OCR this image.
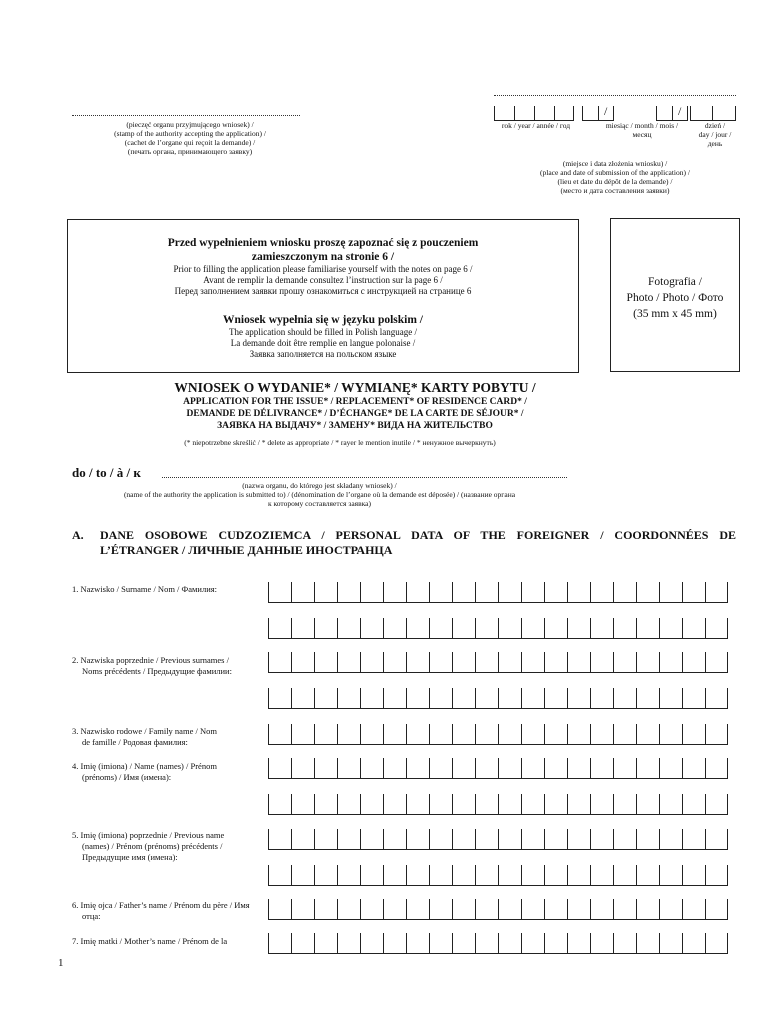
(pieczęć organu przyjmującego wniosek) /
(stamp of the authority accepting the application) /
(cachet de l’organe qui reçoit la demande) /
(печать органа, принимающего заявку)
/	/
rok / year / année / год	miesiąc / month / mois /
месяц
dzień /
day / jour /
день
(miejsce i data złożenia wniosku) /
(place and date of submission of the application) /
(lieu et date du dépôt de la demande) /
(место и дата составления заявки)
Przed wypełnieniem wniosku proszę zapoznać się z pouczeniem
zamieszczonym na stronie 6 /
Prior to filling the application please familiarise yourself with the notes on page 6 /
Avant de remplir la demande consultez l’instruction sur la page 6 /
Перед заполнением заявки прошу ознакомиться с инструкцией на странице 6
Wniosek wypełnia się w języku polskim /
The application should be filled in Polish language /
La demande doit être remplie en langue polonaise /
Заявка заполняется на польском языке
Fotografia /
Photo / Photo / Фото
(35 mm x 45 mm)
WNIOSEK O WYDANIE* / WYMIANĘ* KARTY POBYTU /
APPLICATION FOR THE ISSUE* / REPLACEMENT* OF RESIDENCE CARD* /
DEMANDE DE DÉLIVRANCE* / D’ÉCHANGE* DE LA CARTE DE SÉJOUR* /
ЗАЯВКА НА ВЫДАЧУ* / ЗАМЕНУ* ВИДА НА ЖИТЕЛЬСТВО
(* niepotrzebne skreślić / * delete as appropriate / * rayer le mention inutile / * ненужное вычеркнуть)
do / to / à / к
(nazwa organu, do którego jest składany wniosek) /
(name of the authority the application is submitted to) / (dénomination de l’organe où la demande est déposée) / (название органа
к которому составляется заявка)
A. DANE OSOBOWE CUDZOZIEMCA / PERSONAL DATA OF THE FOREIGNER / COORDONNÉES DE
L’ÉTRANGER / ЛИЧНЫЕ ДАННЫЕ ИНОСТРАНЦА
1. Nazwisko / Surname / Nom / Фамилия:
2. Nazwiska poprzednie / Previous surnames /
Noms précédents / Предыдущие фамилии:
3. Nazwisko rodowe / Family name / Nom
de famille / Родовая фамилия:
4. Imię (imiona) / Name (names) / Prénom
(prénoms) / Имя (имена):
5. Imię (imiona) poprzednie / Previous name
(names) / Prénom (prénoms) précédents /
Предыдущие имя (имена):
6. Imię ojca / Father’s name / Prénom du père / Имя
отца:
7. Imię matki / Mother’s name / Prénom de la
1
